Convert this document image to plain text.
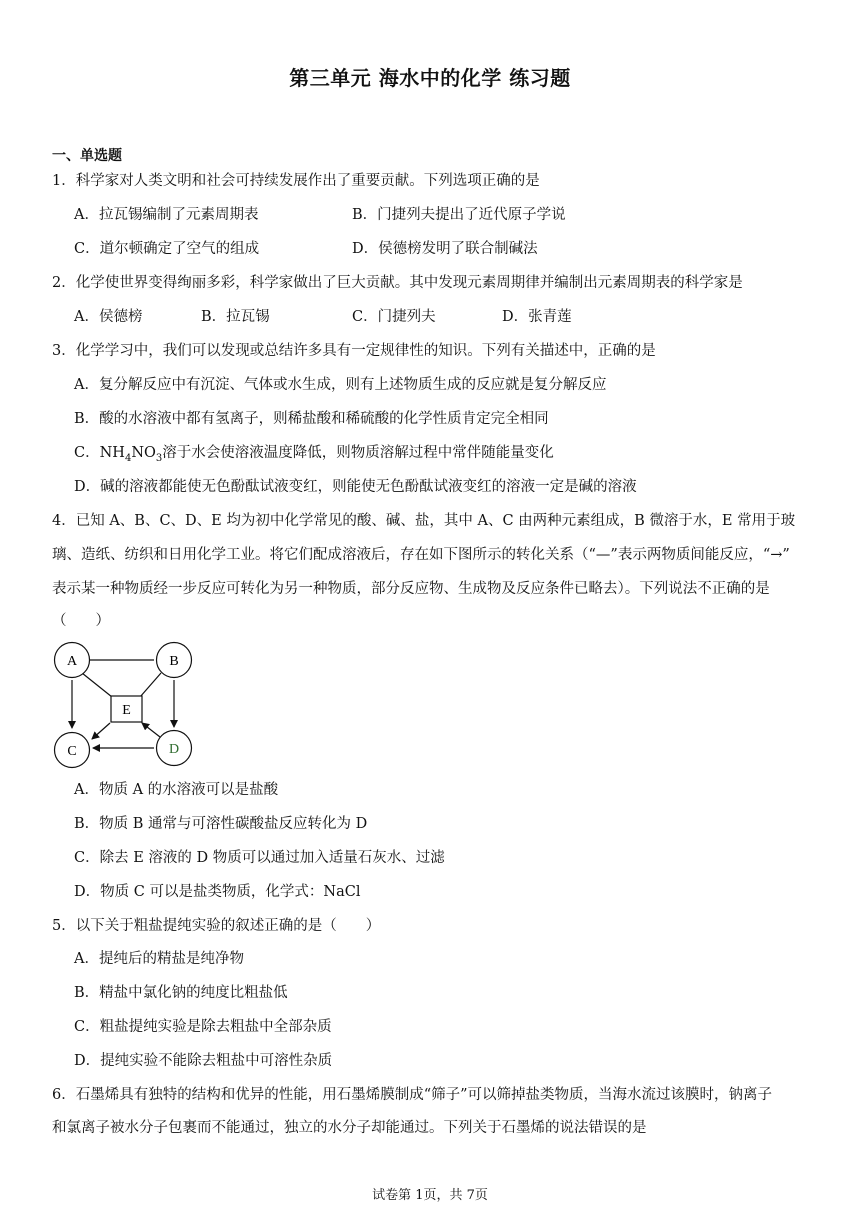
第三单元 海水中的化学 练习题
一、单选题
1．科学家对人类文明和社会可持续发展作出了重要贡献。下列选项正确的是
A．拉瓦锡编制了元素周期表	B．门捷列夫提出了近代原子学说
C．道尔顿确定了空气的组成	D．侯德榜发明了联合制碱法
2．化学使世界变得绚丽多彩，科学家做出了巨大贡献。其中发现元素周期律并编制出元素周期表的科学家是
A．侯德榜	B．拉瓦锡	C．门捷列夫	D．张青莲
3．化学学习中，我们可以发现或总结许多具有一定规律性的知识。下列有关描述中，正确的是
A．复分解反应中有沉淀、气体或水生成，则有上述物质生成的反应就是复分解反应
B．酸的水溶液中都有氢离子，则稀盐酸和稀硫酸的化学性质肯定完全相同
C．$NH_4NO_3$溶于水会使溶液温度降低，则物质溶解过程中常伴随能量变化
D．碱的溶液都能使无色酚酞试液变红，则能使无色酚酞试液变红的溶液一定是碱的溶液
4．已知 A、B、C、D、E 均为初中化学常见的酸、碱、盐，其中 A、C 由两种元素组成，B 微溶于水，E 常用于玻
璃、造纸、纺织和日用化学工业。将它们配成溶液后，存在如下图所示的转化关系（“—”表示两物质间能反应，“→”
表示某一种物质经一步反应可转化为另一种物质，部分反应物、生成物及反应条件已略去）。下列说法不正确的是
（　　）
A	B
C	D
E
A．物质 A 的水溶液可以是盐酸
B．物质 B 通常与可溶性碳酸盐反应转化为 D
C．除去 E 溶液的 D 物质可以通过加入适量石灰水、过滤
D．物质 C 可以是盐类物质，化学式：NaCl
5．以下关于粗盐提纯实验的叙述正确的是（　　）
A．提纯后的精盐是纯净物
B．精盐中氯化钠的纯度比粗盐低
C．粗盐提纯实验是除去粗盐中全部杂质
D．提纯实验不能除去粗盐中可溶性杂质
6．石墨烯具有独特的结构和优异的性能，用石墨烯膜制成“筛子”可以筛掉盐类物质，当海水流过该膜时，钠离子
和氯离子被水分子包裹而不能通过，独立的水分子却能通过。下列关于石墨烯的说法错误的是
试卷第 1页，共 7页
